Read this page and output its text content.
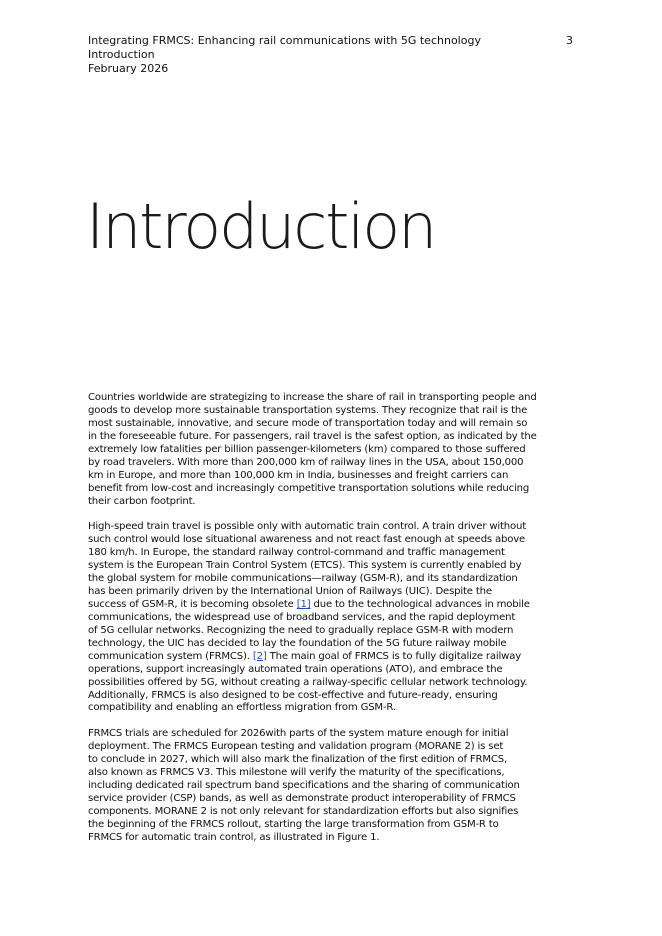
Integrating FRMCS: Enhancing rail communications with 5G technology
Introduction
February 2026
3
Introduction

Countries worldwide are strategizing to increase the share of rail in transporting people and
goods to develop more sustainable transportation systems. They recognize that rail is the
most sustainable, innovative, and secure mode of transportation today and will remain so
in the foreseeable future. For passengers, rail travel is the safest option, as indicated by the
extremely low fatalities per billion passenger-kilometers (km) compared to those suffered
by road travelers. With more than 200,000 km of railway lines in the USA, about 150,000
km in Europe, and more than 100,000 km in India, businesses and freight carriers can
benefit from low-cost and increasingly competitive transportation solutions while reducing
their carbon footprint.

High-speed train travel is possible only with automatic train control. A train driver without
such control would lose situational awareness and not react fast enough at speeds above
180 km/h. In Europe, the standard railway control-command and traffic management
system is the European Train Control System (ETCS). This system is currently enabled by
the global system for mobile communications—railway (GSM-R), and its standardization
has been primarily driven by the International Union of Railways (UIC). Despite the
success of GSM-R, it is becoming obsolete [1] due to the technological advances in mobile
communications, the widespread use of broadband services, and the rapid deployment
of 5G cellular networks. Recognizing the need to gradually replace GSM-R with modern
technology, the UIC has decided to lay the foundation of the 5G future railway mobile
communication system (FRMCS). [2] The main goal of FRMCS is to fully digitalize railway
operations, support increasingly automated train operations (ATO), and embrace the
possibilities offered by 5G, without creating a railway-specific cellular network technology.
Additionally, FRMCS is also designed to be cost-effective and future-ready, ensuring
compatibility and enabling an effortless migration from GSM-R.

FRMCS trials are scheduled for 2026with parts of the system mature enough for initial
deployment. The FRMCS European testing and validation program (MORANE 2) is set
to conclude in 2027, which will also mark the finalization of the first edition of FRMCS,
also known as FRMCS V3. This milestone will verify the maturity of the specifications,
including dedicated rail spectrum band specifications and the sharing of communication
service provider (CSP) bands, as well as demonstrate product interoperability of FRMCS
components. MORANE 2 is not only relevant for standardization efforts but also signifies
the beginning of the FRMCS rollout, starting the large transformation from GSM-R to
FRMCS for automatic train control, as illustrated in Figure 1.
